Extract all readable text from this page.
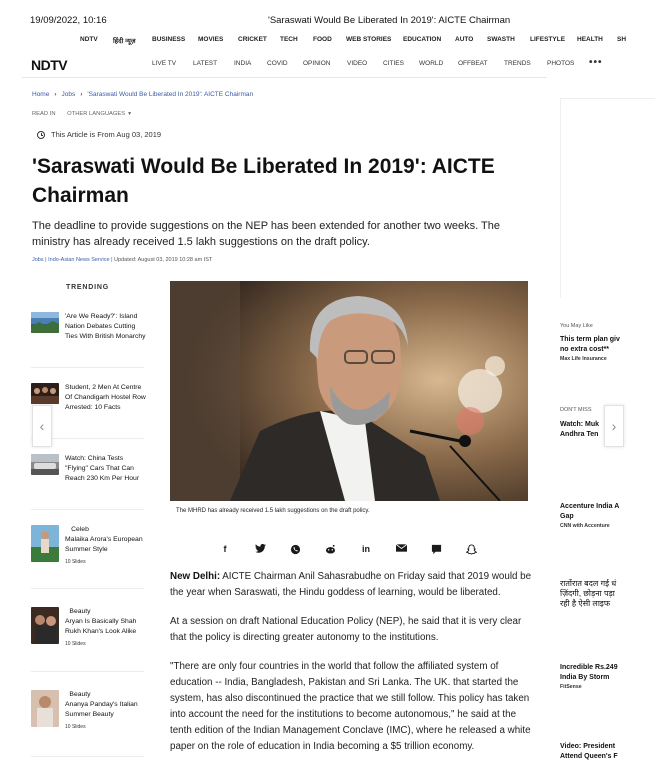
19/09/2022, 10:16	'Saraswati Would Be Liberated In 2019': AICTE Chairman
NDTV हिंदी न्यूज़	BUSINESS MOVIES CRICKET TECH FOOD WEB STORIES EDUCATION AUTO SWASTH LIFESTYLE HEALTH SH
NDTV	LIVE TV	LATEST	INDIA COVID OPINION	VIDEO CITIES WORLD OFFBEAT	TRENDS	PHOTOS •••
Home › Jobs › 'Saraswati Would Be Liberated In 2019': AICTE Chairman
READ IN OTHER LANGUAGES ▼
This Article is From Aug 03, 2019
'Saraswati Would Be Liberated In 2019': AICTE Chairman

The deadline to provide suggestions on the NEP has been extended for another two weeks. The ministry has already received 1.5 lakh suggestions on the draft policy.

Jobs | Indo-Asian News Service | Updated: August 03, 2019 10:28 am IST
TRENDING
'Are We Ready?': Island Nation Debates Cutting Ties With British Monarchy
Student, 2 Men At Centre Of Chandigarh Hostel Row Arrested: 10 Facts
Watch: China Tests "Flying" Cars That Can Reach 230 Km Per Hour
Celeb
Malaika Arora's European Summer Style
10 Slides
Beauty
Aryan Is Basically Shah Rukh Khan's Look Alike
10 Slides
Beauty
Ananya Panday's Italian Summer Beauty
10 Slides
‹	›
The MHRD has already received 1.5 lakh suggestions on the draft policy.
f	in

New Delhi: AICTE Chairman Anil Sahasrabudhe on Friday said that 2019 would be the year when Saraswati, the Hindu goddess of learning, would be liberated.

At a session on draft National Education Policy (NEP), he said that it is very clear that the policy is directing greater autonomy to the institutions.

"There are only four countries in the world that follow the affiliated system of education -- India, Bangladesh, Pakistan and Sri Lanka. The UK. that started the system, has also discontinued the practice that we still follow. This policy has taken into account the need for the institutions to become autonomous," he said at the tenth edition of the Indian Management Conclave (IMC), where he released a white paper on the role of education in India becoming a $5 trillion economy.

You May Like
This term plan giv
no extra cost**
Max Life Insurance
DON'T MISS
Watch: Muk
Andhra Ten
Accenture India A
Gap
CNN with Accenture
रातोंरात बदल गई धं
ज़िंदगी, छोड़ना पड़ा
रही है ऐसी लाइफ
Incredible Rs.249
India By Storm
FitSense
Video: President
Attend Queen's F
